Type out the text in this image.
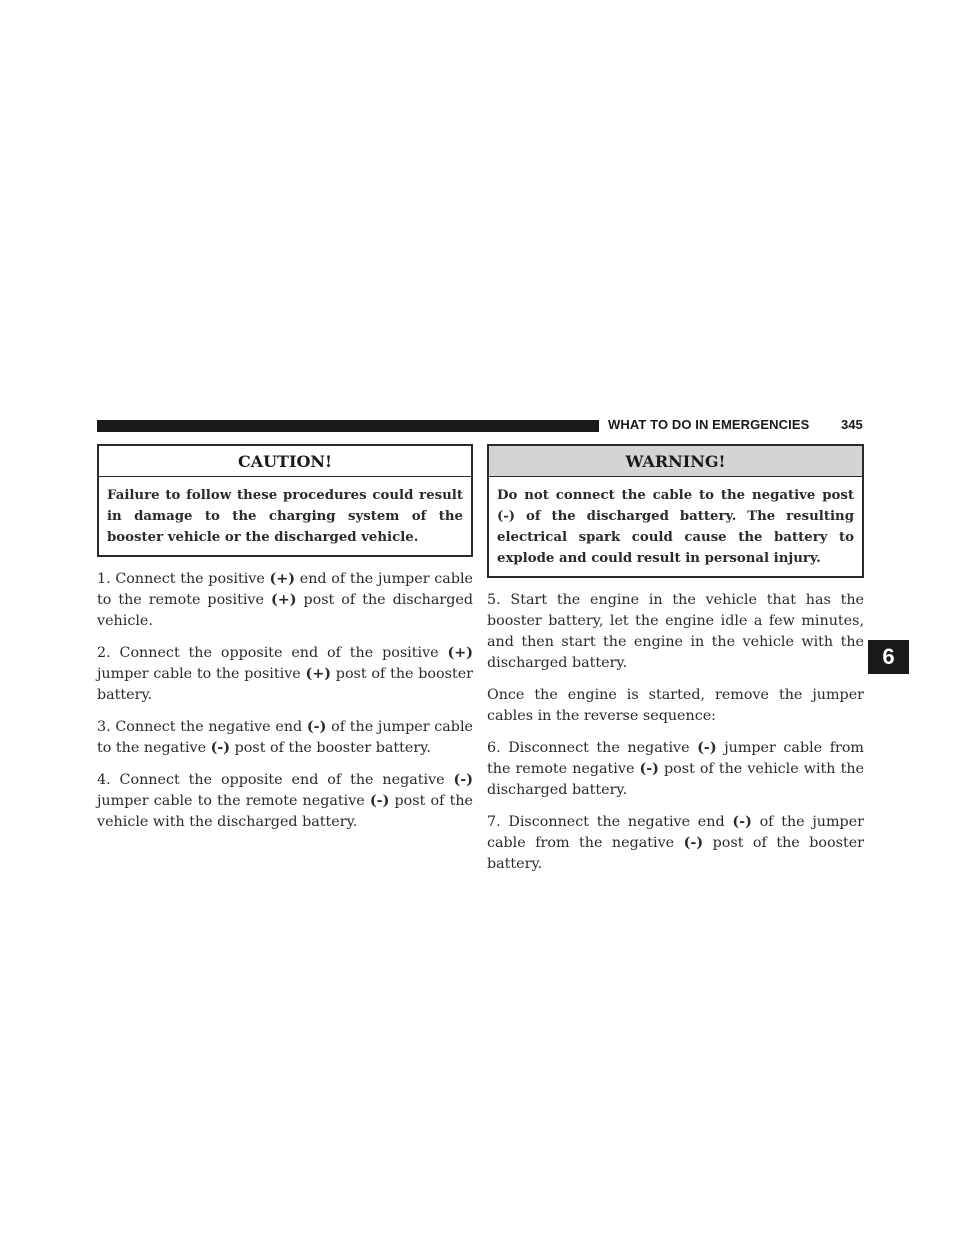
WHAT TO DO IN EMERGENCIES 345
CAUTION!
Failure to follow these procedures could result in damage to the charging system of the booster vehicle or the discharged vehicle.

1. Connect the positive (+) end of the jumper cable to the remote positive (+) post of the discharged vehicle.

2. Connect the opposite end of the positive (+) jumper cable to the positive (+) post of the booster battery.

3. Connect the negative end (-) of the jumper cable to the negative (-) post of the booster battery.

4. Connect the opposite end of the negative (-) jumper cable to the remote negative (-) post of the vehicle with the discharged battery.

WARNING!
Do not connect the cable to the negative post (-) of the discharged battery. The resulting electrical spark could cause the battery to explode and could result in personal injury.

5. Start the engine in the vehicle that has the booster battery, let the engine idle a few minutes, and then start the engine in the vehicle with the discharged battery.

Once the engine is started, remove the jumper cables in the reverse sequence:

6. Disconnect the negative (-) jumper cable from the remote negative (-) post of the vehicle with the discharged battery.

7. Disconnect the negative end (-) of the jumper cable from the negative (-) post of the booster battery.

6
